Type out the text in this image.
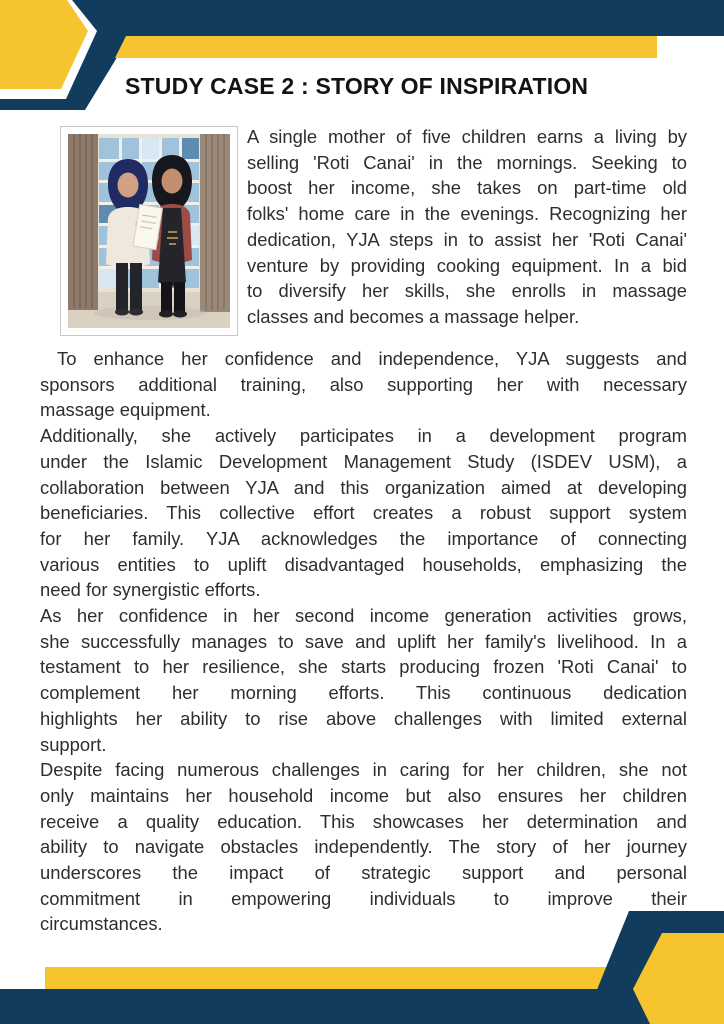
STUDY CASE 2 : STORY OF INSPIRATION
A single mother of five children earns a living by
selling 'Roti Canai' in the mornings. Seeking to
boost her income, she takes on part-time old
folks' home care in the evenings. Recognizing her
dedication, YJA steps in to assist her 'Roti Canai'
venture by providing cooking equipment. In a bid
to diversify her skills, she enrolls in massage
classes and becomes a massage helper.
To enhance her confidence and independence, YJA suggests and
sponsors additional training, also supporting her with necessary
massage equipment.
Additionally, she actively participates in a development program
under the Islamic Development Management Study (ISDEV USM), a
collaboration between YJA and this organization aimed at developing
beneficiaries. This collective effort creates a robust support system
for her family. YJA acknowledges the importance of connecting
various entities to uplift disadvantaged households, emphasizing the
need for synergistic efforts.
As her confidence in her second income generation activities grows,
she successfully manages to save and uplift her family's livelihood. In a
testament to her resilience, she starts producing frozen 'Roti Canai' to
complement her morning efforts. This continuous dedication
highlights her ability to rise above challenges with limited external
support.
Despite facing numerous challenges in caring for her children, she not
only maintains her household income but also ensures her children
receive a quality education. This showcases her determination and
ability to navigate obstacles independently. The story of her journey
underscores the impact of strategic support and personal
commitment in empowering individuals to improve their
circumstances.
